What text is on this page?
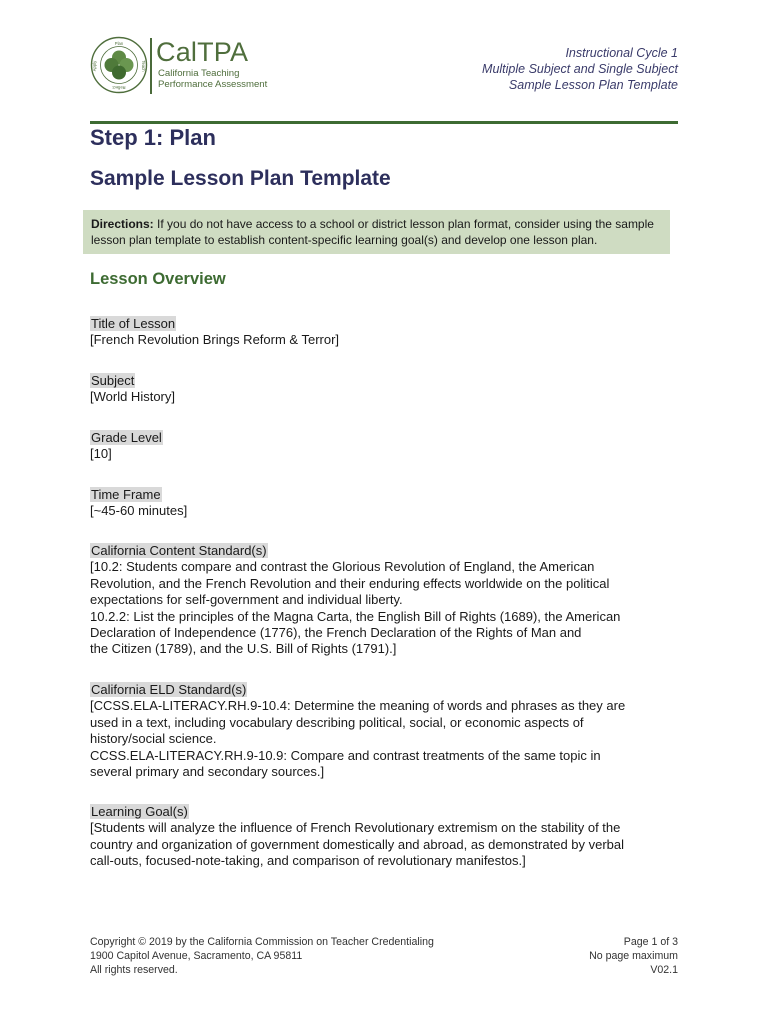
Plan
Teach
Reflect
Apply CalTPA
California Teaching
Performance Assessment
Instructional Cycle 1
Multiple Subject and Single Subject
Sample Lesson Plan Template
Step 1: Plan
Sample Lesson Plan Template
Directions: If you do not have access to a school or district lesson plan format, consider using the sample lesson plan template to establish content-specific learning goal(s) and develop one lesson plan.
Lesson Overview
Title of Lesson
[French Revolution Brings Reform & Terror]
Subject
[World History]
Grade Level
[10]
Time Frame
[~45-60 minutes]
California Content Standard(s)
[10.2: Students compare and contrast the Glorious Revolution of England, the American
Revolution, and the French Revolution and their enduring effects worldwide on the political
expectations for self-government and individual liberty.
10.2.2: List the principles of the Magna Carta, the English Bill of Rights (1689), the American
Declaration of Independence (1776), the French Declaration of the Rights of Man and
the Citizen (1789), and the U.S. Bill of Rights (1791).]
California ELD Standard(s)
[CCSS.ELA-LITERACY.RH.9-10.4: Determine the meaning of words and phrases as they are
used in a text, including vocabulary describing political, social, or economic aspects of
history/social science.
CCSS.ELA-LITERACY.RH.9-10.9: Compare and contrast treatments of the same topic in
several primary and secondary sources.]
Learning Goal(s)
[Students will analyze the influence of French Revolutionary extremism on the stability of the
country and organization of government domestically and abroad, as demonstrated by verbal
call-outs, focused-note-taking, and comparison of revolutionary manifestos.]
Copyright © 2019 by the California Commission on Teacher Credentialing
1900 Capitol Avenue, Sacramento, CA 95811
All rights reserved.
Page 1 of 3
No page maximum
V02.1
